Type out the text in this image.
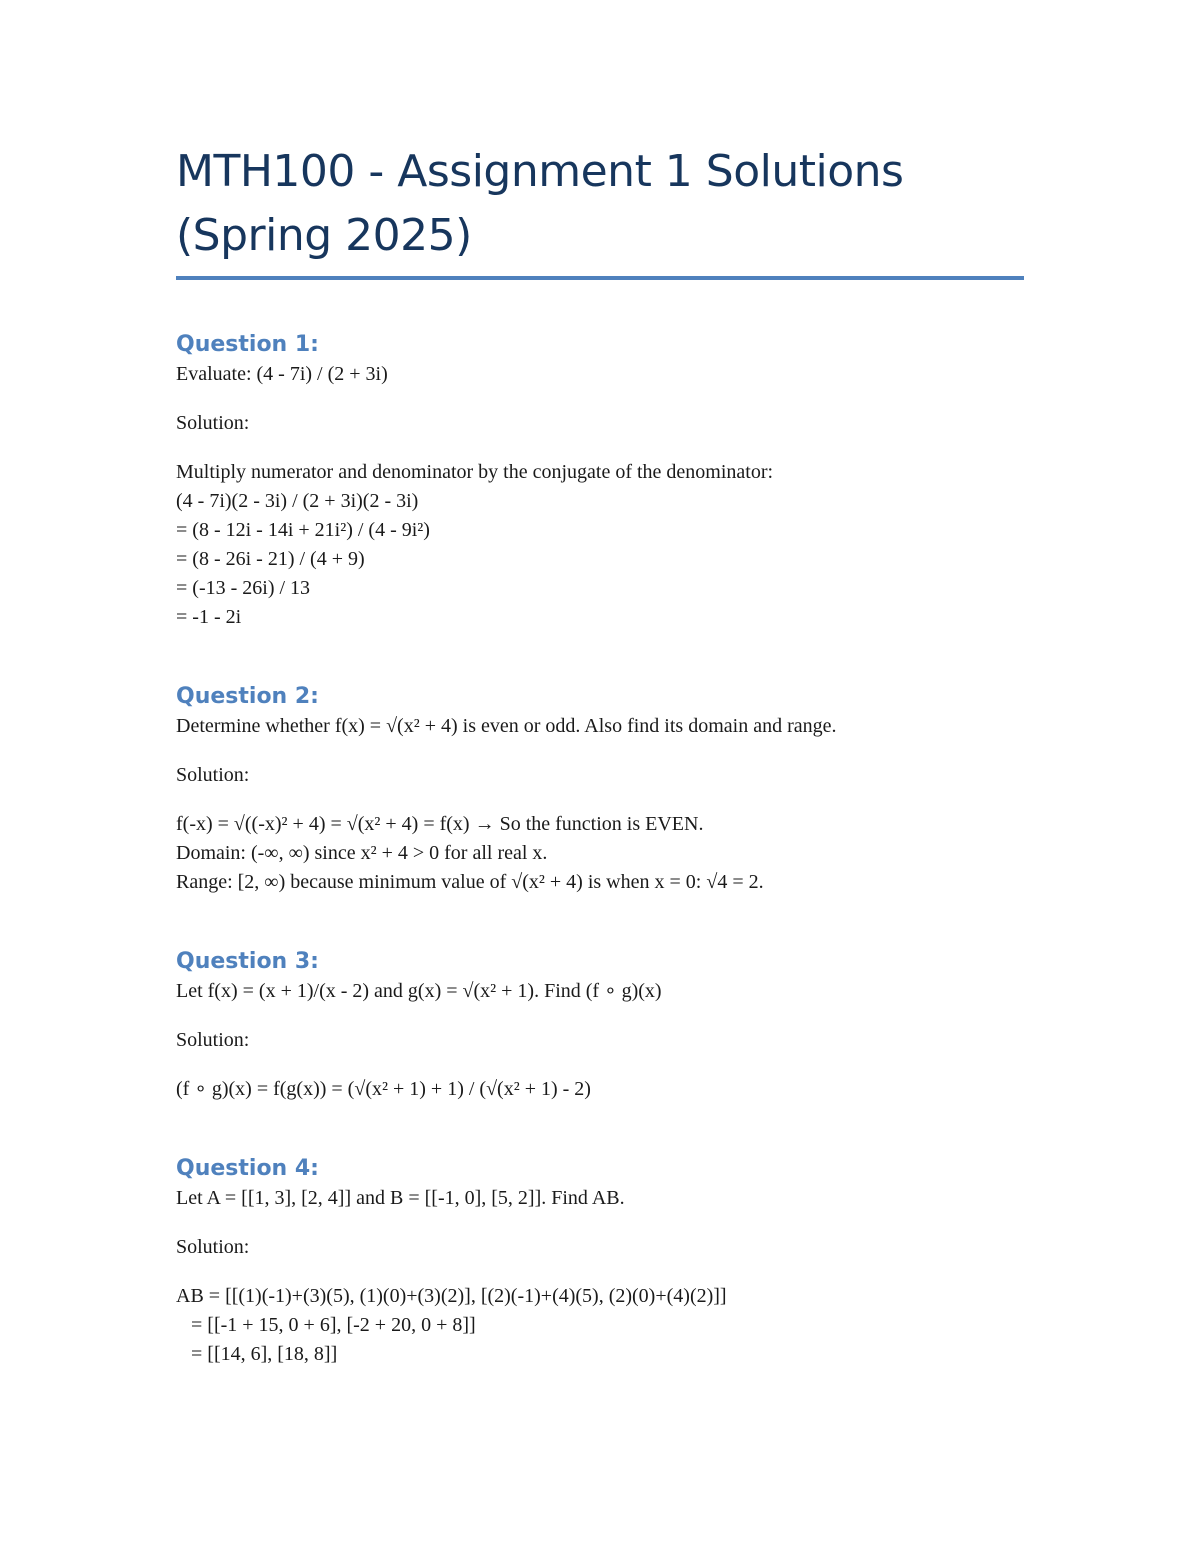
MTH100 - Assignment 1 Solutions
(Spring 2025)
Question 1:

Evaluate: (4 - 7i) / (2 + 3i)

Solution:

Multiply numerator and denominator by the conjugate of the denominator:

(4 - 7i)(2 - 3i) / (2 + 3i)(2 - 3i)

= (8 - 12i - 14i + 21i²) / (4 - 9i²)

= (8 - 26i - 21) / (4 + 9)

= (-13 - 26i) / 13

= -1 - 2i

Question 2:

Determine whether f(x) = √(x² + 4) is even or odd. Also find its domain and range.

Solution:

f(-x) = √((-x)² + 4) = √(x² + 4) = f(x) → So the function is EVEN.

Domain: (-∞, ∞) since x² + 4 > 0 for all real x.

Range: [2, ∞) because minimum value of √(x² + 4) is when x = 0: √4 = 2.

Question 3:

Let f(x) = (x + 1)/(x - 2) and g(x) = √(x² + 1). Find (f ∘ g)(x)

Solution:

(f ∘ g)(x) = f(g(x)) = (√(x² + 1) + 1) / (√(x² + 1) - 2)

Question 4:

Let A = [[1, 3], [2, 4]] and B = [[-1, 0], [5, 2]]. Find AB.

Solution:

AB = [[(1)(-1)+(3)(5), (1)(0)+(3)(2)], [(2)(-1)+(4)(5), (2)(0)+(4)(2)]]

= [[-1 + 15, 0 + 6], [-2 + 20, 0 + 8]]

= [[14, 6], [18, 8]]
